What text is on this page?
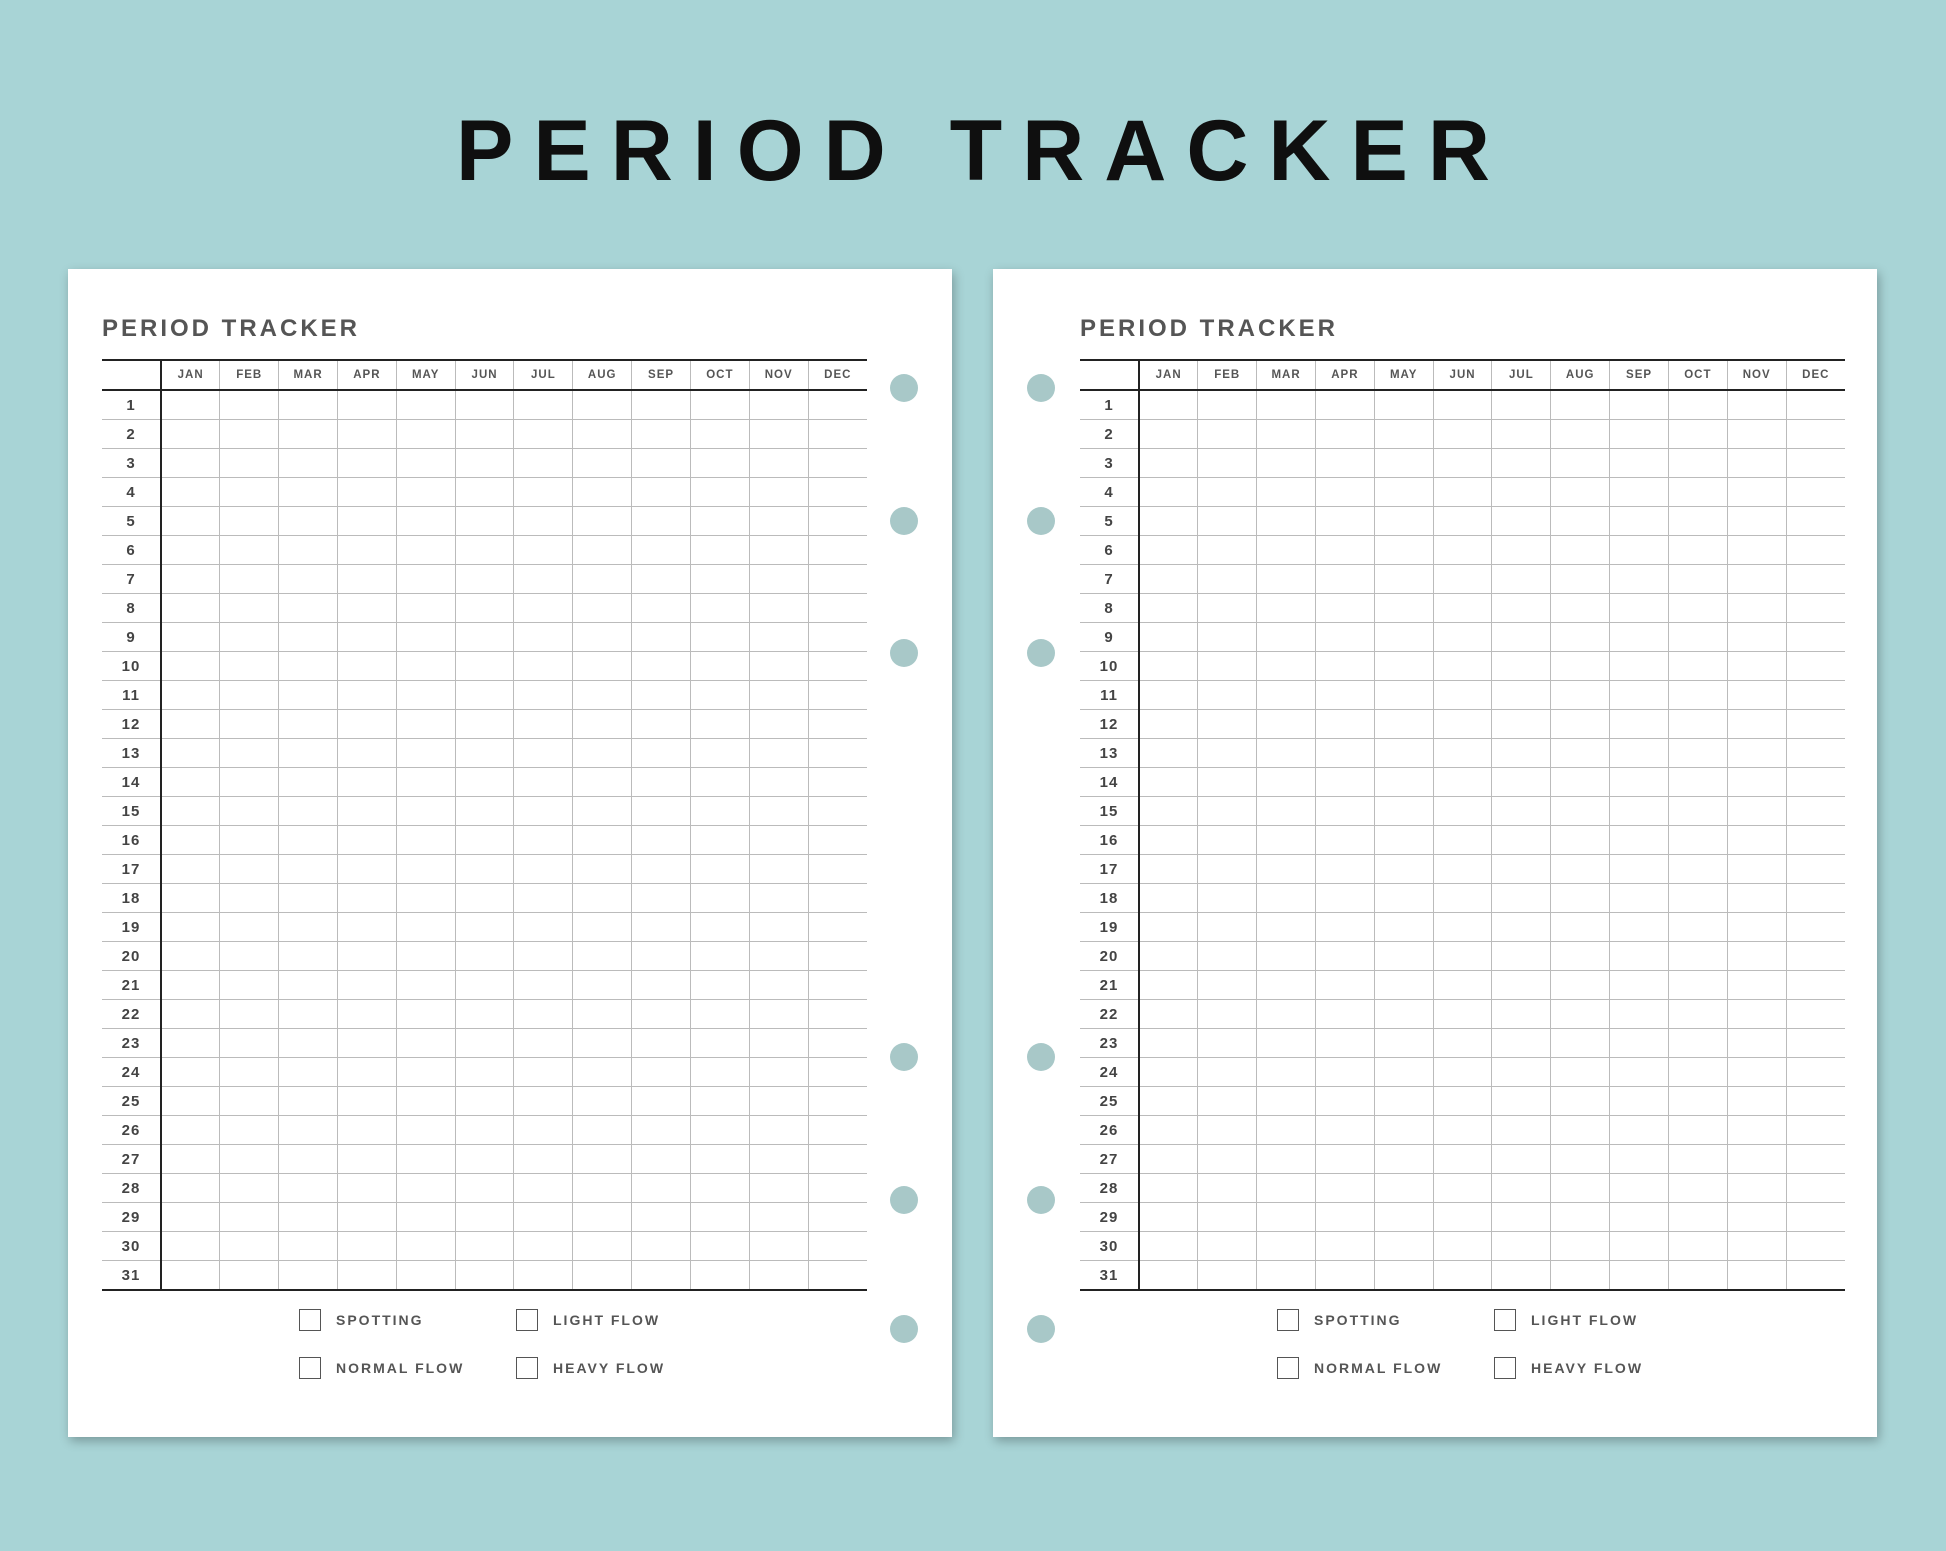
PERIOD TRACKER
PERIOD TRACKER
	JAN	FEB	MAR	APR	MAY	JUN	JUL	AUG	SEP	OCT	NOV	DEC
1												
2												
3												
4												
5												
6												
7												
8												
9												
10												
11												
12												
13												
14												
15												
16												
17												
18												
19												
20												
21												
22												
23												
24												
25												
26												
27												
28												
29												
30												
31												
SPOTTING	LIGHT FLOW
NORMAL FLOW	HEAVY FLOW
PERIOD TRACKER
	JAN	FEB	MAR	APR	MAY	JUN	JUL	AUG	SEP	OCT	NOV	DEC
1												
2												
3												
4												
5												
6												
7												
8												
9												
10												
11												
12												
13												
14												
15												
16												
17												
18												
19												
20												
21												
22												
23												
24												
25												
26												
27												
28												
29												
30												
31												
SPOTTING	LIGHT FLOW
NORMAL FLOW	HEAVY FLOW
